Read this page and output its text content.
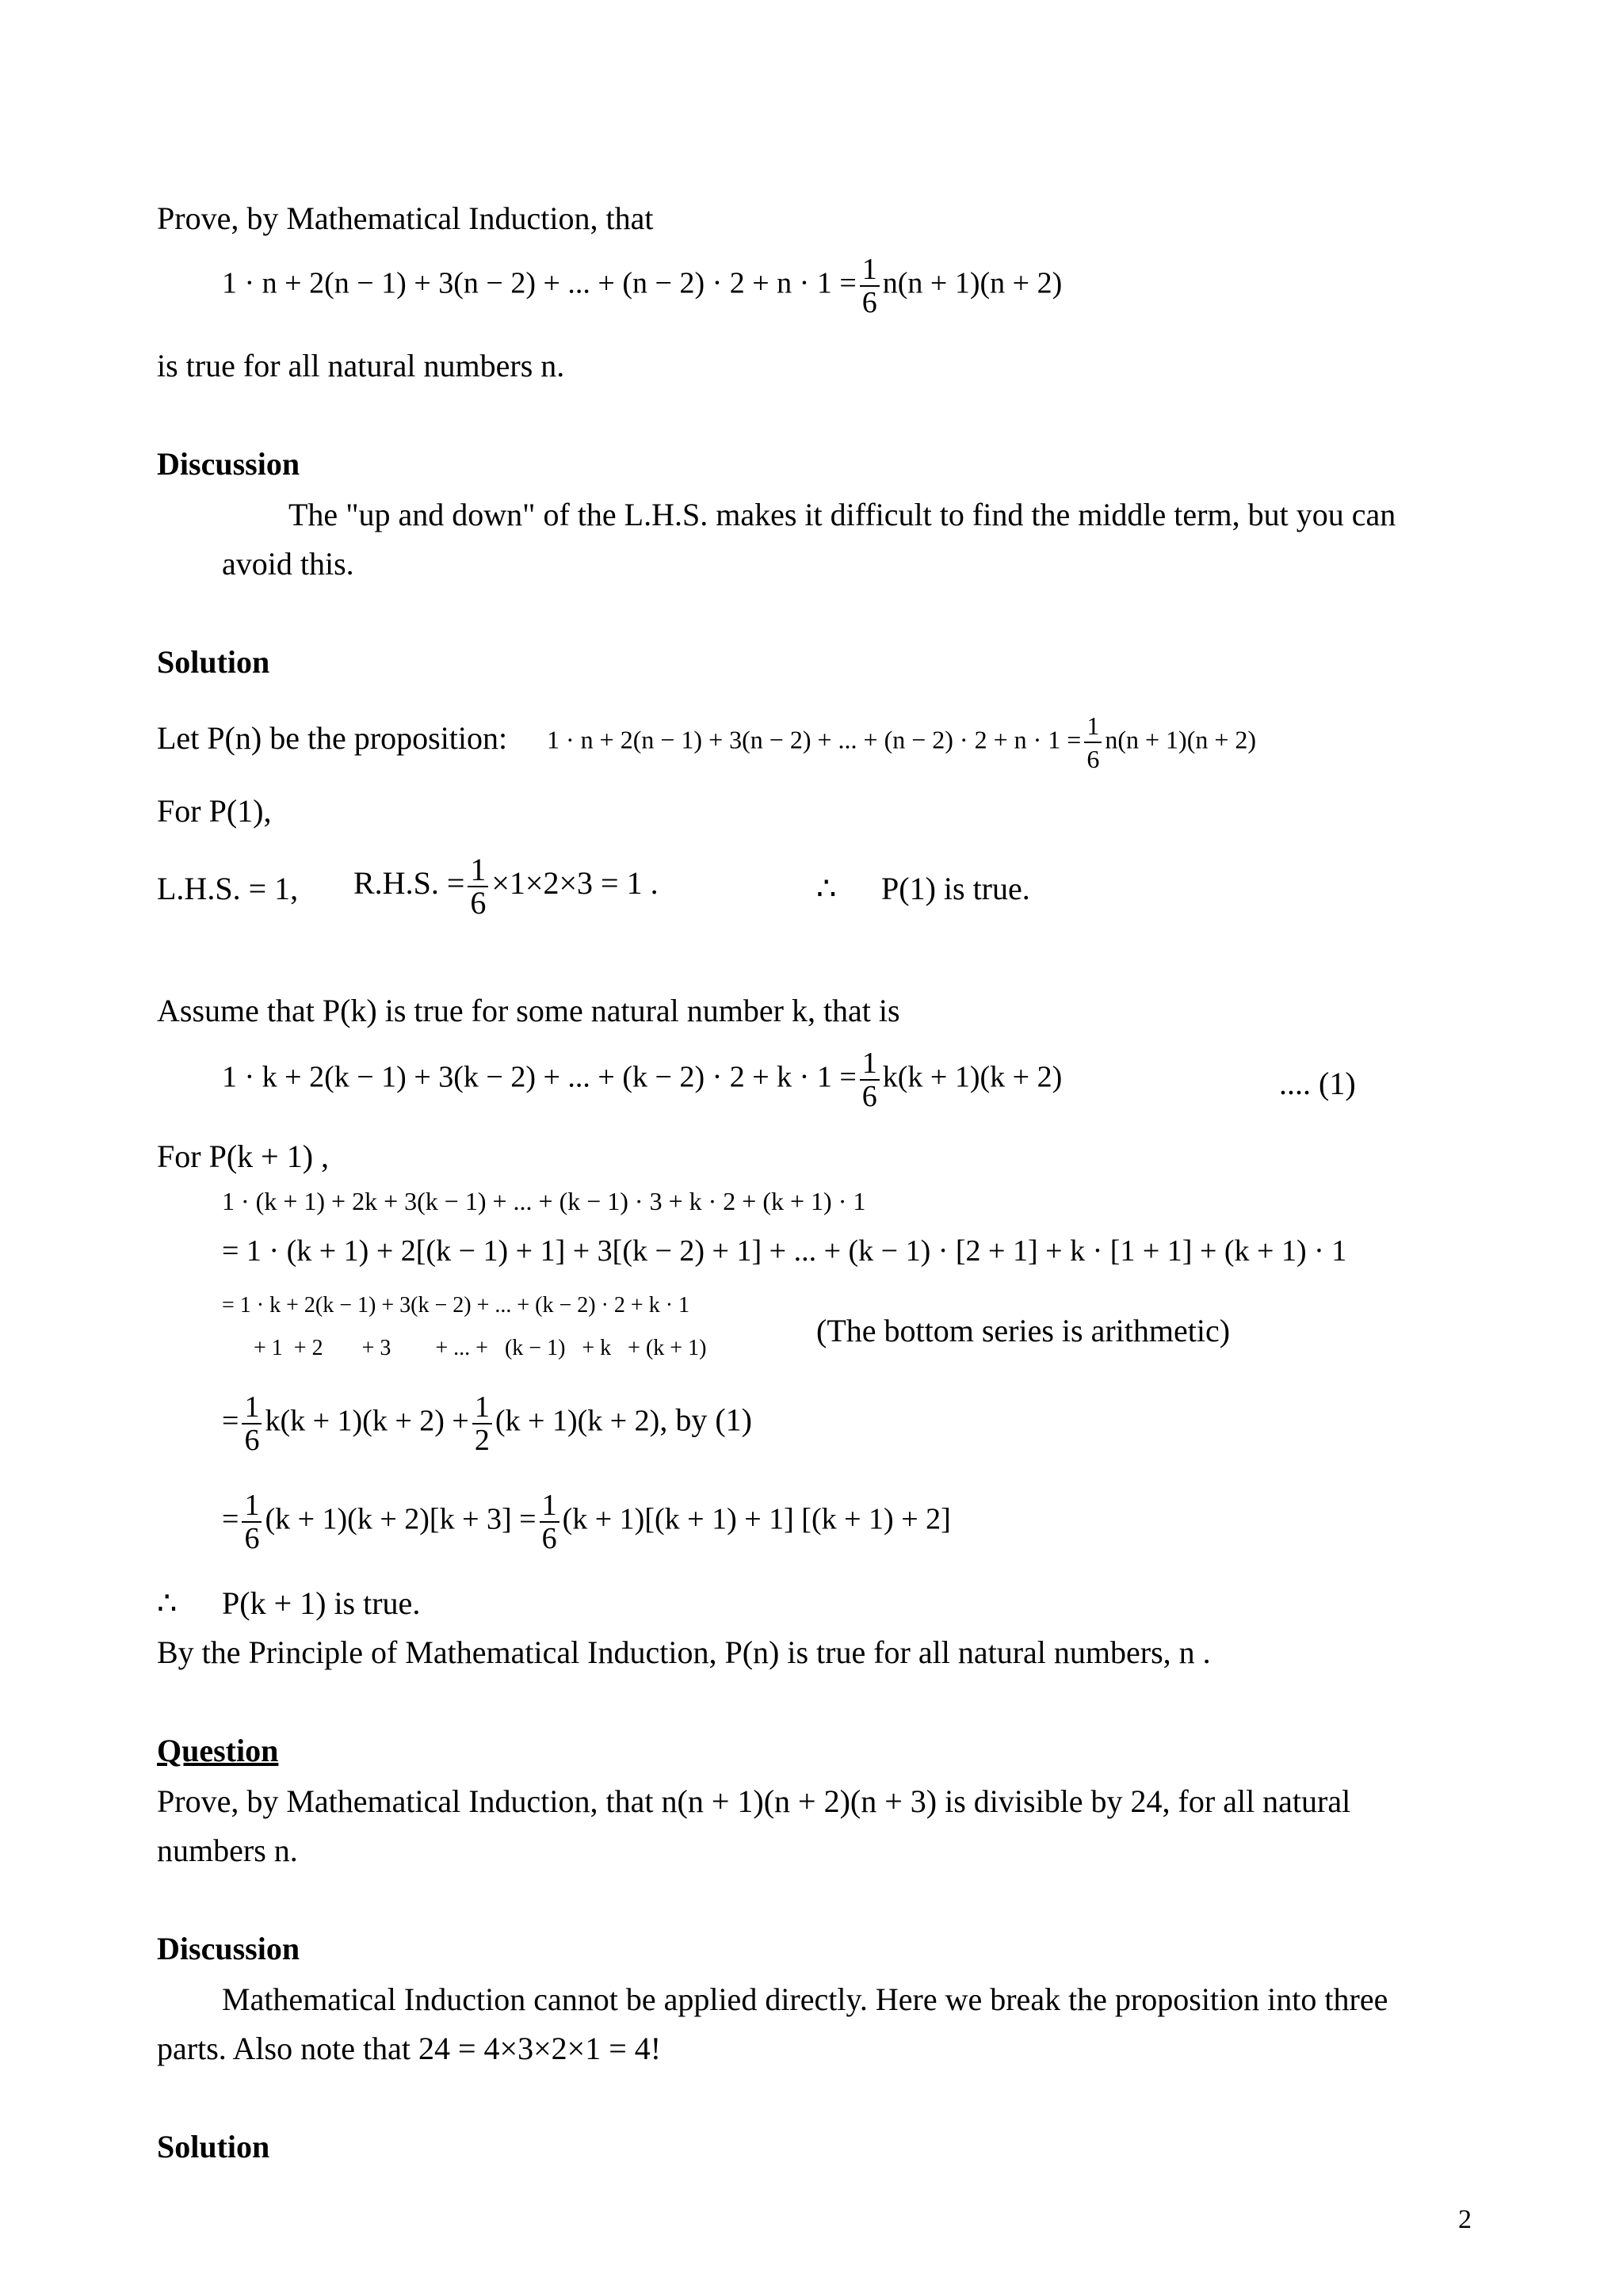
Prove, by Mathematical Induction, that
1 · n + 2(n − 1) + 3(n − 2) + ... + $(n - 2) \cdot 2 + n \cdot 1 = \frac{1}{6} n(n + 1)(n + 2)$
is true for all natural numbers n.
Discussion
The "up and down" of the L.H.S. makes it difficult to find the middle term, but you can
avoid this.
Solution
Let P(n) be the proposition: 1 · n + 2(n − 1) + 3(n − 2) + ... + $(n - 2) \cdot 2 + n \cdot 1 = \frac{1}{6} n(n + 1)(n + 2)$
For P(1),
L.H.S. = 1, R.H.S. = $\frac{1}{6} \times 1\times 2\times 3 = 1$ .	∴ P(1) is true.
Assume that P(k) is true for some natural number k, that is
1 · k + 2(k − 1) + 3(k − 2) + ... + $(k - 2) \cdot 2 + k \cdot 1 = \frac{1}{6} k(k + 1)(k + 2)$	.... (1)
For P(k + 1) ,
1 · (k + 1) + 2k + 3(k − 1) + ... + (k − 1) · 3 + k · 2 + (k + 1) · 1
= 1 · (k + 1) + 2[(k − 1) + 1] + 3[(k − 2) + 1] + ... + (k − 1) · [2 + 1] + k · [1 + 1] + (k + 1) · 1
= 1 · k + 2(k − 1) + 3(k − 2) + ... + (k − 2) · 2 + k · 1
+ 1  + 2       + 3        + ... +   (k − 1)   + k   + (k + 1)	(The bottom series is arithmetic)
= $\frac{1}{6} k(k + 1)(k + 2) + \frac{1}{2} (k + 1)(k + 2)$, by (1)
= $\frac{1}{6} (k + 1)(k + 2)[k + 3] = \frac{1}{6} (k + 1)[(k + 1) + 1] [(k + 1) + 2]$
∴ P(k + 1) is true.
By the Principle of Mathematical Induction, P(n) is true for all natural numbers, n .
Question
Prove, by Mathematical Induction, that n(n + 1)(n + 2)(n + 3) is divisible by 24, for all natural
numbers n.
Discussion
Mathematical Induction cannot be applied directly. Here we break the proposition into three
parts. Also note that 24 = 4×3×2×1 = 4!
Solution
2
